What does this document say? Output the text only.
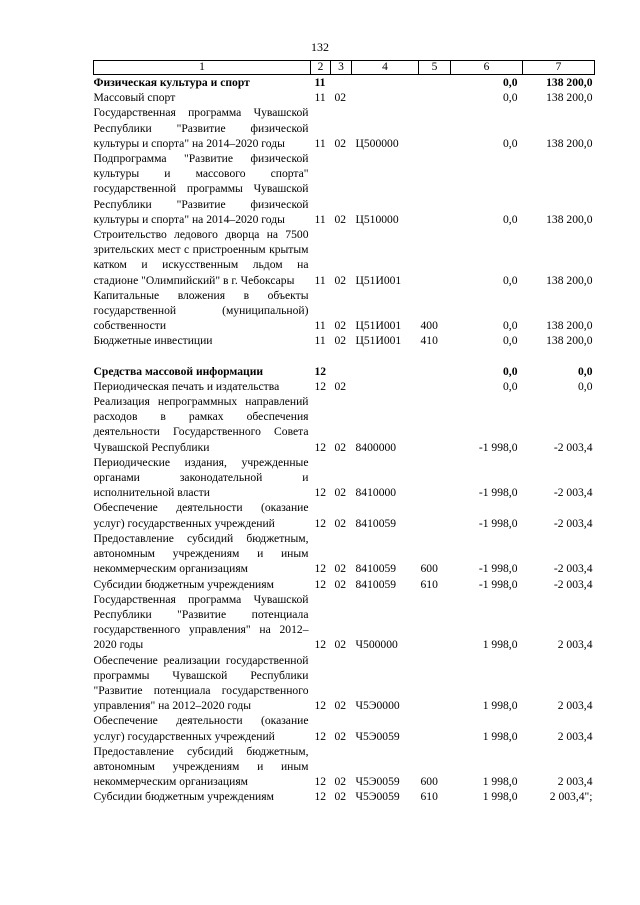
132
1	2	3	4	5	6	7
Физическая культура и спорт	11				0,0	138 200,0
Массовый спорт	11	02			0,0	138 200,0
Государственная программа Чувашской Республики "Развитие физической культуры и спорта" на 2014–2020 годы	11	02	Ц500000		0,0	138 200,0
Подпрограмма "Развитие физической культуры и массового спорта" государственной программы Чувашской Республики "Развитие физической культуры и спорта" на 2014–2020 годы	11	02	Ц510000		0,0	138 200,0
Строительство ледового дворца на 7500 зрительских мест с пристроенным крытым катком и искусственным льдом на стадионе "Олимпийский" в г. Чебоксары	11	02	Ц51И001		0,0	138 200,0
Капитальные вложения в объекты государственной (муниципальной) собственности	11	02	Ц51И001	400	0,0	138 200,0
Бюджетные инвестиции	11	02	Ц51И001	410	0,0	138 200,0

Средства массовой информации	12				0,0	0,0
Периодическая печать и издательства	12	02			0,0	0,0
Реализация непрограммных направлений расходов в рамках обеспечения деятельности Государственного Совета Чувашской Республики	12	02	8400000		-1 998,0	-2 003,4
Периодические издания, учрежденные органами законодательной и исполнительной власти	12	02	8410000		-1 998,0	-2 003,4
Обеспечение деятельности (оказание услуг) государственных учреждений	12	02	8410059		-1 998,0	-2 003,4
Предоставление субсидий бюджетным, автономным учреждениям и иным некоммерческим организациям	12	02	8410059	600	-1 998,0	-2 003,4
Субсидии бюджетным учреждениям	12	02	8410059	610	-1 998,0	-2 003,4
Государственная программа Чувашской Республики "Развитие потенциала государственного управления" на 2012–2020 годы	12	02	Ч500000		1 998,0	2 003,4
Обеспечение реализации государственной программы Чувашской Республики "Развитие потенциала государственного управления" на 2012–2020 годы	12	02	Ч5Э0000		1 998,0	2 003,4
Обеспечение деятельности (оказание услуг) государственных учреждений	12	02	Ч5Э0059		1 998,0	2 003,4
Предоставление субсидий бюджетным, автономным учреждениям и иным некоммерческим организациям	12	02	Ч5Э0059	600	1 998,0	2 003,4
Субсидии бюджетным учреждениям	12	02	Ч5Э0059	610	1 998,0	2 003,4";
